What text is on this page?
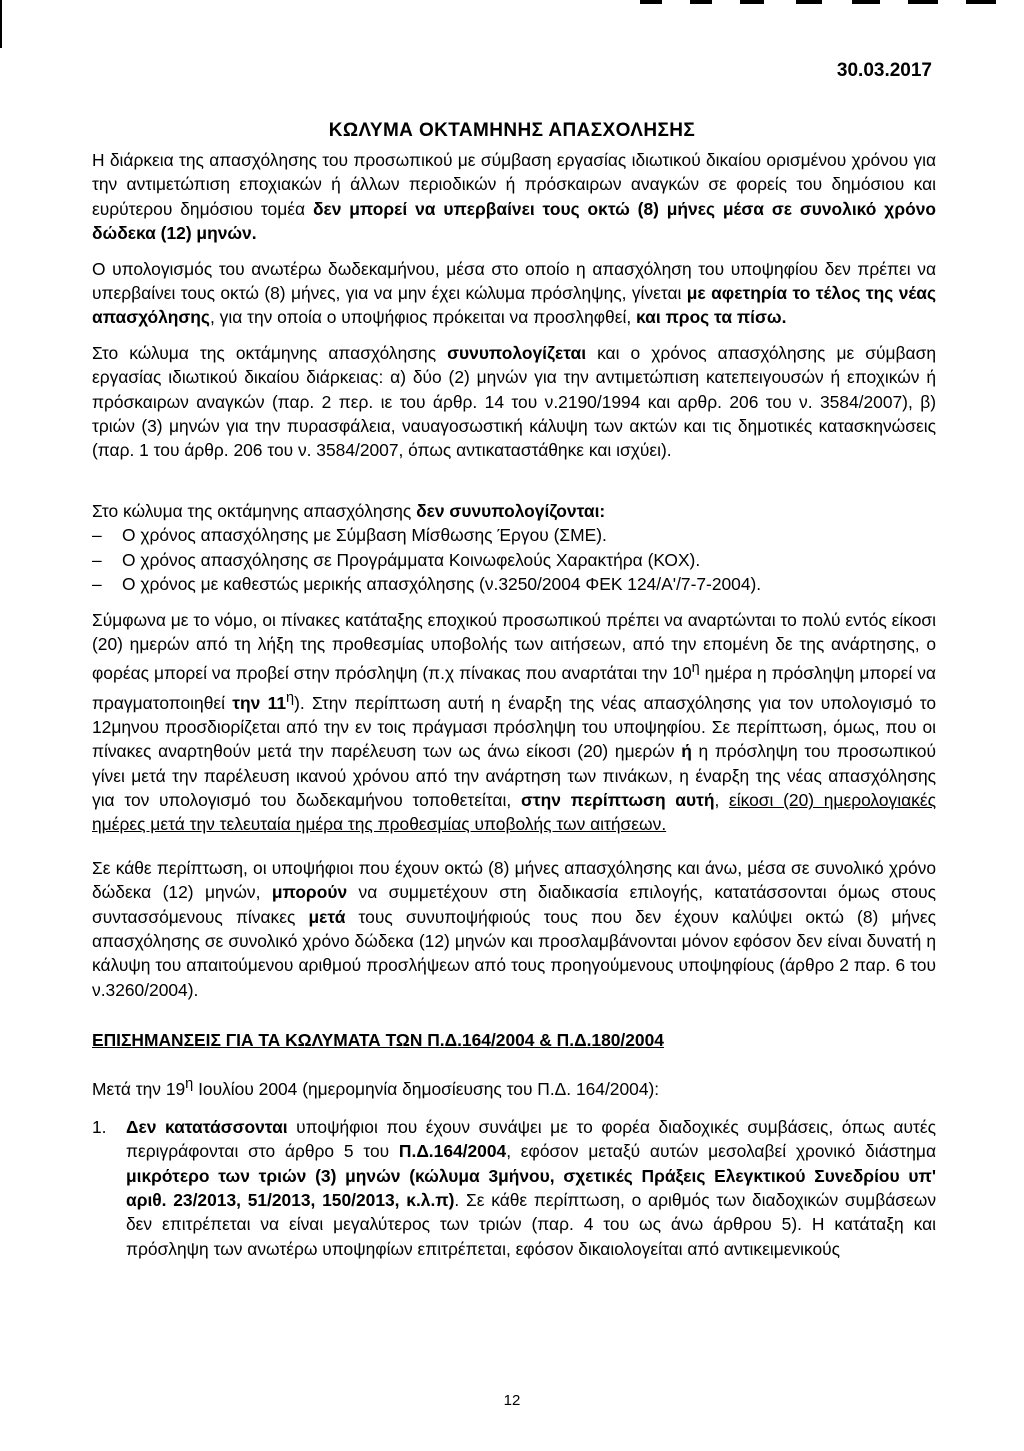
30.03.2017
ΚΩΛΥΜΑ ΟΚΤΑΜΗΝΗΣ ΑΠΑΣΧΟΛΗΣΗΣ

Η διάρκεια της απασχόλησης του προσωπικού με σύμβαση εργασίας ιδιωτικού δικαίου ορισμένου χρόνου για την αντιμετώπιση εποχιακών ή άλλων περιοδικών ή πρόσκαιρων αναγκών σε φορείς του δημόσιου και ευρύτερου δημόσιου τομέα δεν μπορεί να υπερβαίνει τους οκτώ (8) μήνες μέσα σε συνολικό χρόνο δώδεκα (12) μηνών.

Ο υπολογισμός του ανωτέρω δωδεκαμήνου, μέσα στο οποίο η απασχόληση του υποψηφίου δεν πρέπει να υπερβαίνει τους οκτώ (8) μήνες, για να μην έχει κώλυμα πρόσληψης, γίνεται με αφετηρία το τέλος της νέας απασχόλησης, για την οποία ο υποψήφιος πρόκειται να προσληφθεί, και προς τα πίσω.

Στο κώλυμα της οκτάμηνης απασχόλησης συνυπολογίζεται και ο χρόνος απασχόλησης με σύμβαση εργασίας ιδιωτικού δικαίου διάρκειας: α) δύο (2) μηνών για την αντιμετώπιση κατεπειγουσών ή εποχικών ή πρόσκαιρων αναγκών (παρ. 2 περ. ιε του άρθρ. 14 του ν.2190/1994 και αρθρ. 206 του ν. 3584/2007), β) τριών (3) μηνών για την πυρασφάλεια, ναυαγοσωστική κάλυψη των ακτών και τις δημοτικές κατασκηνώσεις (παρ. 1 του άρθρ. 206 του ν. 3584/2007, όπως αντικαταστάθηκε και ισχύει).

Στο κώλυμα της οκτάμηνης απασχόλησης δεν συνυπολογίζονται:

– Ο χρόνος απασχόλησης με Σύμβαση Μίσθωσης Έργου (ΣΜΕ).
– Ο χρόνος απασχόλησης σε Προγράμματα Κοινωφελούς Χαρακτήρα (ΚΟΧ).
– Ο χρόνος με καθεστώς μερικής απασχόλησης (ν.3250/2004 ΦΕΚ 124/Α'/7-7-2004).

Σύμφωνα με το νόμο, οι πίνακες κατάταξης εποχικού προσωπικού πρέπει να αναρτώνται το πολύ εντός είκοσι (20) ημερών από τη λήξη της προθεσμίας υποβολής των αιτήσεων, από την επομένη δε της ανάρτησης, ο φορέας μπορεί να προβεί στην πρόσληψη (π.χ πίνακας που αναρτάται την $10^\eta$ ημέρα η πρόσληψη μπορεί να πραγματοποιηθεί την $11^\eta$). Στην περίπτωση αυτή η έναρξη της νέας απασχόλησης για τον υπολογισμό το 12μηνου προσδιορίζεται από την εν τοις πράγμασι πρόσληψη του υποψηφίου. Σε περίπτωση, όμως, που οι πίνακες αναρτηθούν μετά την παρέλευση των ως άνω είκοσι (20) ημερών ή η πρόσληψη του προσωπικού γίνει μετά την παρέλευση ικανού χρόνου από την ανάρτηση των πινάκων, η έναρξη της νέας απασχόλησης για τον υπολογισμό του δωδεκαμήνου τοποθετείται, στην περίπτωση αυτή, είκοσι (20) ημερολογιακές ημέρες μετά την τελευταία ημέρα της προθεσμίας υποβολής των αιτήσεων.

Σε κάθε περίπτωση, οι υποψήφιοι που έχουν οκτώ (8) μήνες απασχόλησης και άνω, μέσα σε συνολικό χρόνο δώδεκα (12) μηνών, μπορούν να συμμετέχουν στη διαδικασία επιλογής, κατατάσσονται όμως στους συντασσόμενους πίνακες μετά τους συνυποψήφιούς τους που δεν έχουν καλύψει οκτώ (8) μήνες απασχόλησης σε συνολικό χρόνο δώδεκα (12) μηνών και προσλαμβάνονται μόνον εφόσον δεν είναι δυνατή η κάλυψη του απαιτούμενου αριθμού προσλήψεων από τους προηγούμενους υποψηφίους (άρθρο 2 παρ. 6 του ν.3260/2004).

ΕΠΙΣΗΜΑΝΣΕΙΣ ΓΙΑ ΤΑ ΚΩΛΥΜΑΤΑ ΤΩΝ Π.Δ.164/2004 & Π.Δ.180/2004

Μετά την $19^\eta$ Ιουλίου 2004 (ημερομηνία δημοσίευσης του Π.Δ. 164/2004):

1. Δεν κατατάσσονται υποψήφιοι που έχουν συνάψει με το φορέα διαδοχικές συμβάσεις, όπως αυτές περιγράφονται στο άρθρο 5 του Π.Δ.164/2004, εφόσον μεταξύ αυτών μεσολαβεί χρονικό διάστημα μικρότερο των τριών (3) μηνών (κώλυμα 3μήνου, σχετικές Πράξεις Ελεγκτικού Συνεδρίου υπ' αριθ. 23/2013, 51/2013, 150/2013, κ.λ.π). Σε κάθε περίπτωση, ο αριθμός των διαδοχικών συμβάσεων δεν επιτρέπεται να είναι μεγαλύτερος των τριών (παρ. 4 του ως άνω άρθρου 5). Η κατάταξη και πρόσληψη των ανωτέρω υποψηφίων επιτρέπεται, εφόσον δικαιολογείται από αντικειμενικούς
12
